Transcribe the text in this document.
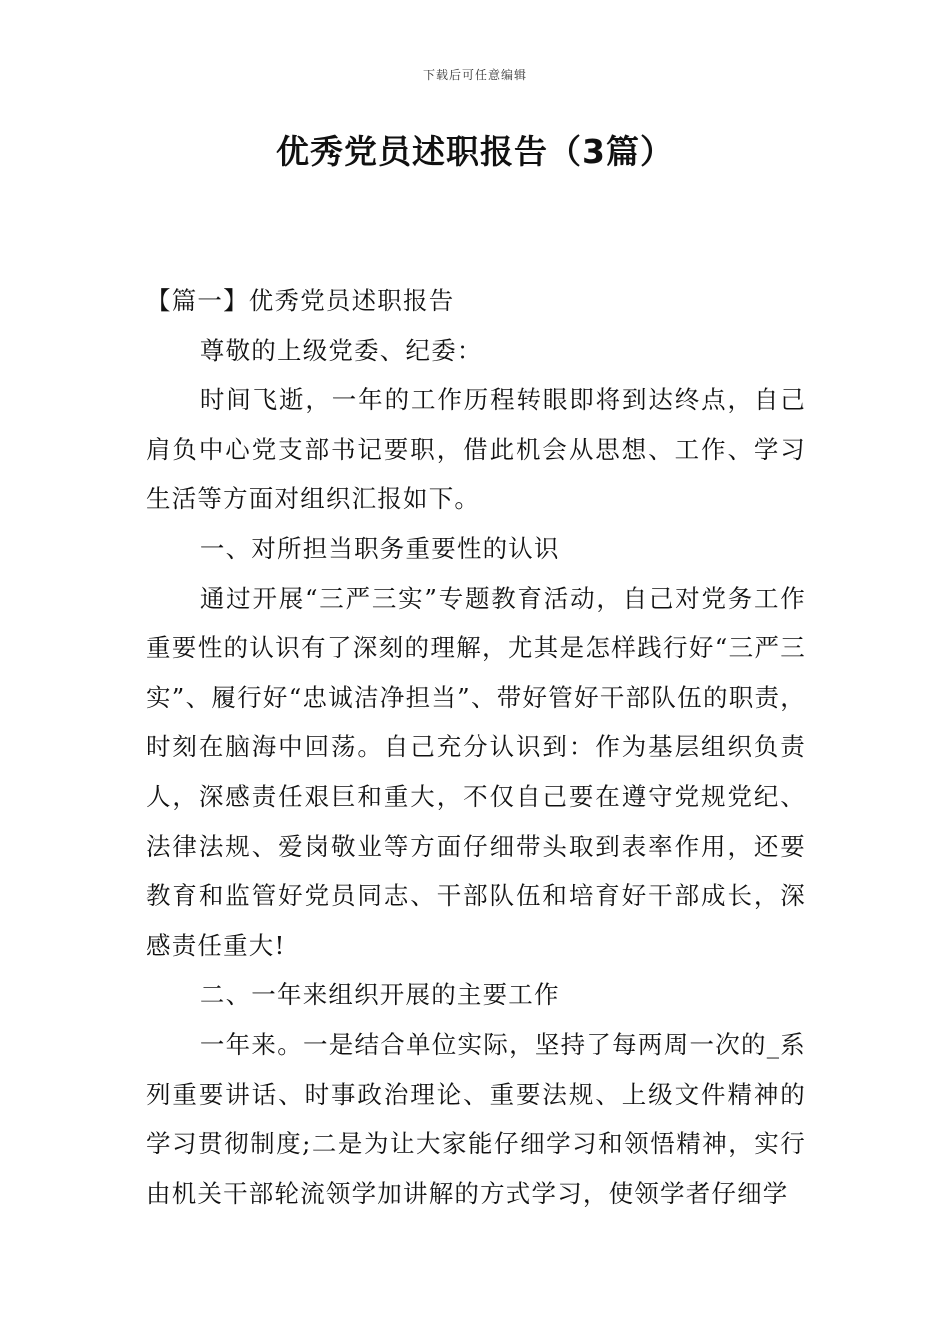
下载后可任意编辑
优秀党员述职报告（3篇）

【篇一】优秀党员述职报告

尊敬的上级党委、纪委：

时间飞逝，一年的工作历程转眼即将到达终点，自己肩负中心党支部书记要职，借此机会从思想、工作、学习生活等方面对组织汇报如下。

一、对所担当职务重要性的认识

通过开展“三严三实”专题教育活动，自己对党务工作重要性的认识有了深刻的理解，尤其是怎样践行好“三严三实”、履行好“忠诚洁净担当”、带好管好干部队伍的职责，时刻在脑海中回荡。自己充分认识到：作为基层组织负责人，深感责任艰巨和重大，不仅自己要在遵守党规党纪、法律法规、爱岗敬业等方面仔细带头取到表率作用，还要教育和监管好党员同志、干部队伍和培育好干部成长，深感责任重大!

二、一年来组织开展的主要工作

一年来。一是结合单位实际，坚持了每两周一次的_系列重要讲话、时事政治理论、重要法规、上级文件精神的学习贯彻制度;二是为让大家能仔细学习和领悟精神，实行由机关干部轮流领学加讲解的方式学习，使领学者仔细学
